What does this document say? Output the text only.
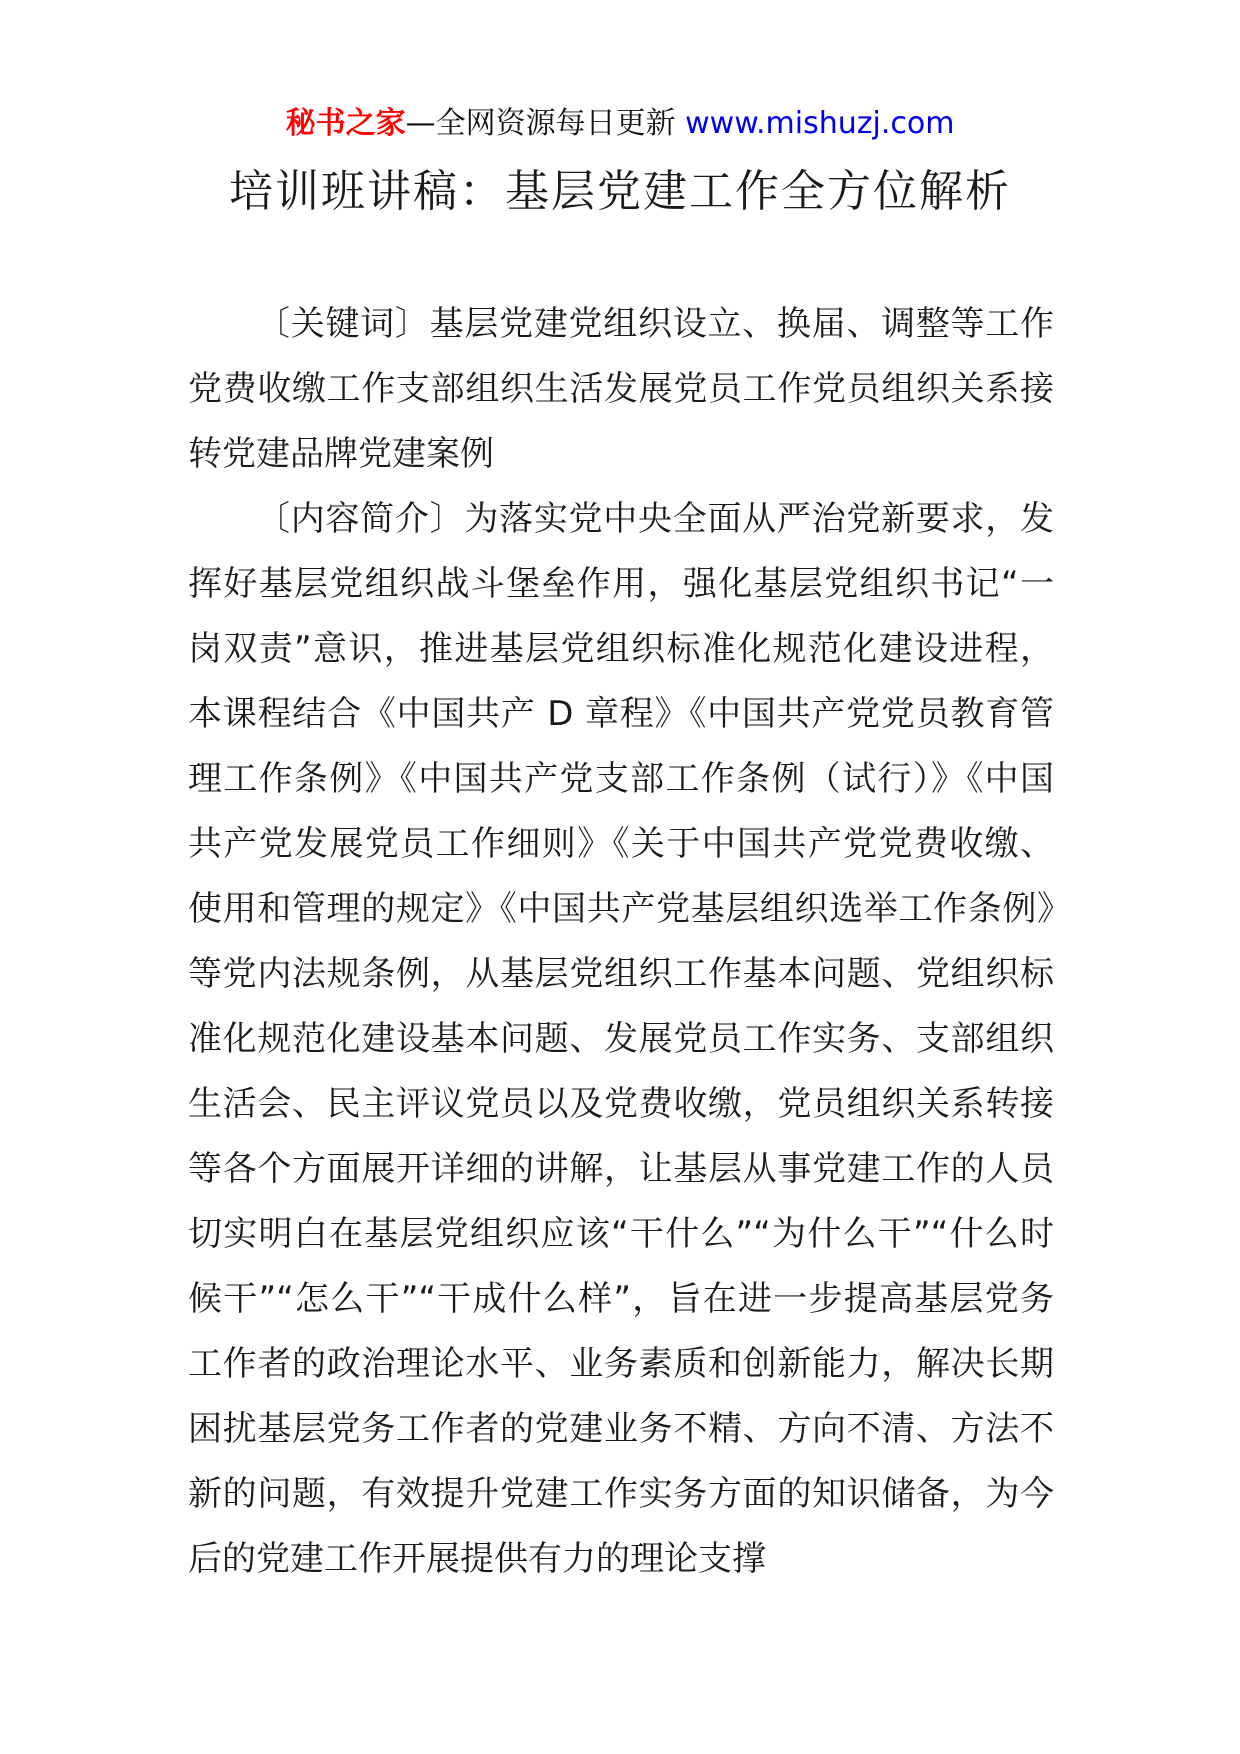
秘书之家—全网资源每日更新 www.mishuzj.com
培训班讲稿：基层党建工作全方位解析

〔关键词〕基层党建党组织设立、换届、调整等工作党费收缴工作支部组织生活发展党员工作党员组织关系接转党建品牌党建案例

〔内容简介〕为落实党中央全面从严治党新要求，发挥好基层党组织战斗堡垒作用，强化基层党组织书记“一岗双责”意识，推进基层党组织标准化规范化建设进程，本课程结合《中国共产 D 章程》《中国共产党党员教育管理工作条例》《中国共产党支部工作条例（试行）》《中国共产党发展党员工作细则》《关于中国共产党党费收缴、使用和管理的规定》《中国共产党基层组织选举工作条例》等党内法规条例，从基层党组织工作基本问题、党组织标准化规范化建设基本问题、发展党员工作实务、支部组织生活会、民主评议党员以及党费收缴，党员组织关系转接等各个方面展开详细的讲解，让基层从事党建工作的人员切实明白在基层党组织应该“干什么”“为什么干”“什么时候干”“怎么干”“干成什么样”，旨在进一步提高基层党务工作者的政治理论水平、业务素质和创新能力，解决长期困扰基层党务工作者的党建业务不精、方向不清、方法不新的问题，有效提升党建工作实务方面的知识储备，为今后的党建工作开展提供有力的理论支撑
